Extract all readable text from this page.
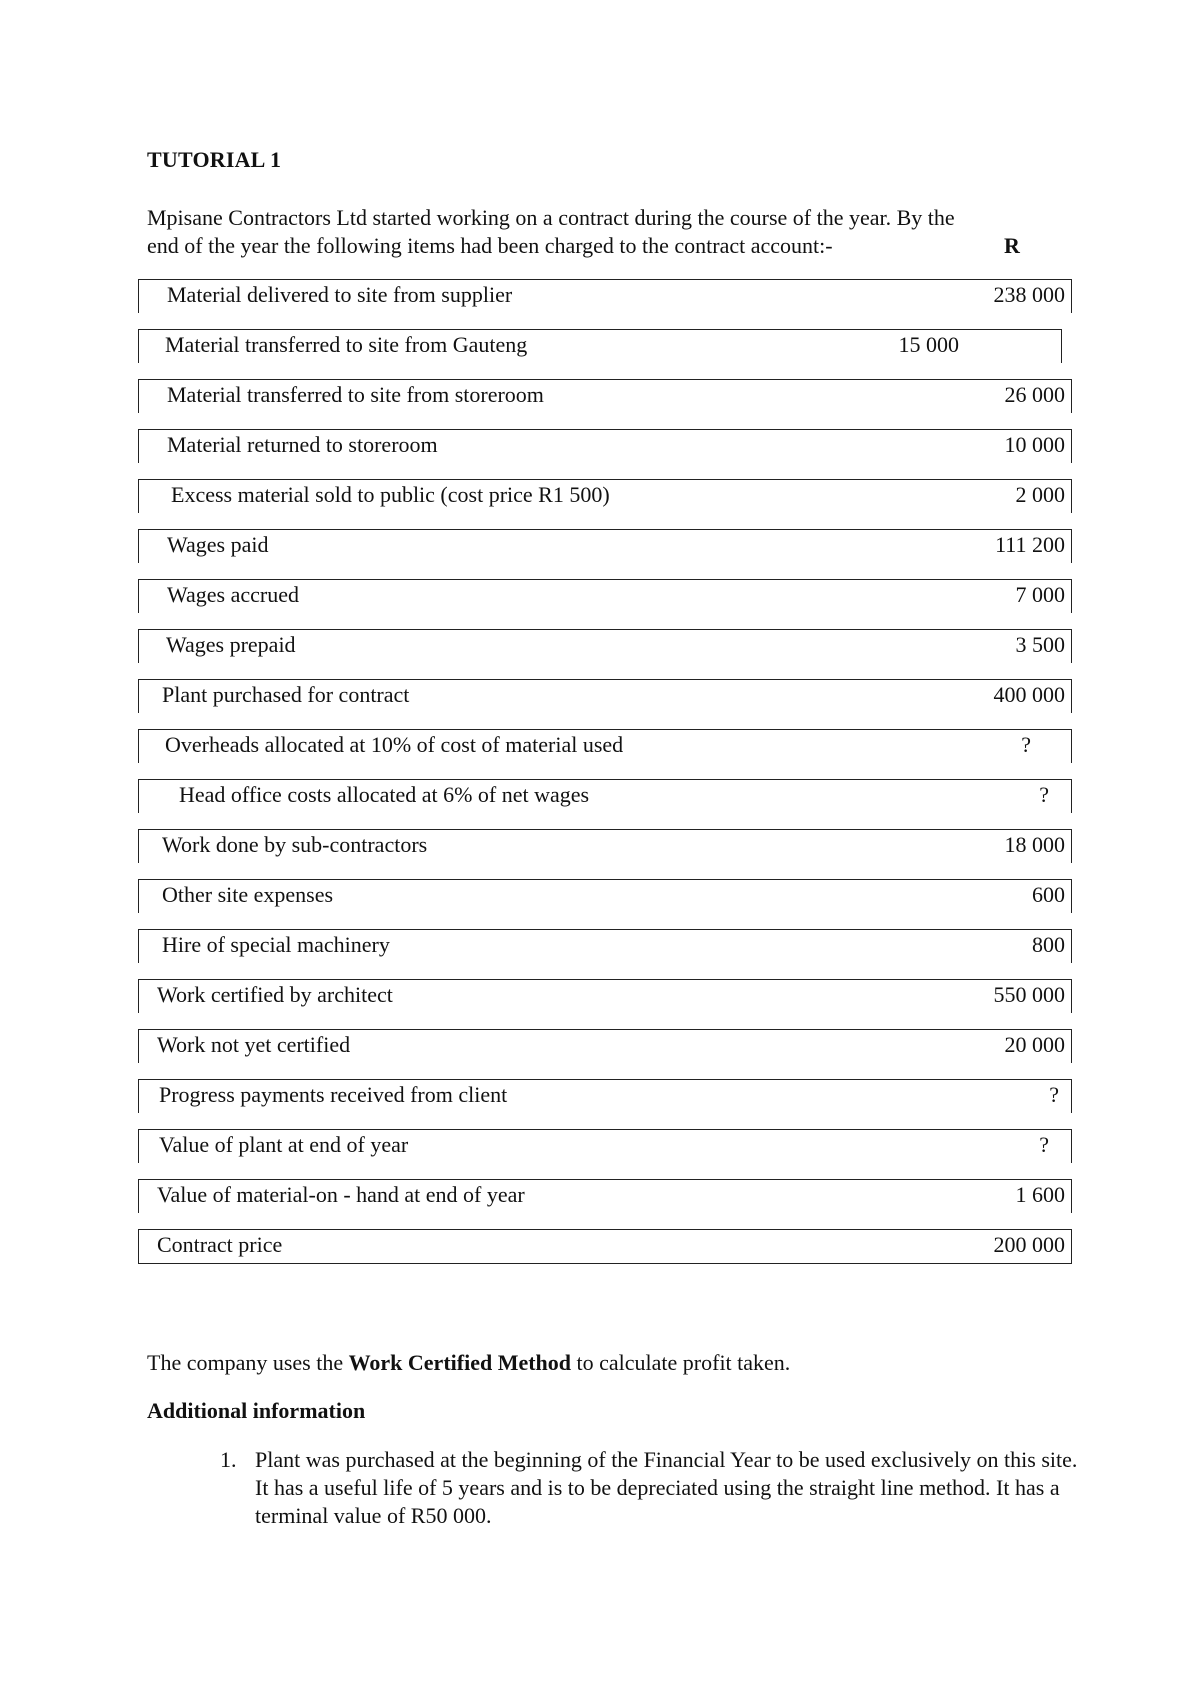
TUTORIAL 1
Mpisane Contractors Ltd started working on a contract during the course of the year. By the
end of the year the following items had been charged to the contract account:-	R
Material delivered to site from supplier	238 000
Material transferred to site from Gauteng	15 000
Material transferred to site from storeroom	26 000
Material returned to storeroom	10 000
Excess material sold to public (cost price R1 500)	2 000
Wages paid	111 200
Wages accrued	7 000
Wages prepaid	3 500
Plant purchased for contract	400 000
Overheads allocated at 10% of cost of material used	?
Head office costs allocated at 6% of net wages	?
Work done by sub-contractors	18 000
Other site expenses	600
Hire of special machinery	800
Work certified by architect	550 000
Work not yet certified	20 000
Progress payments received from client	?
Value of plant at end of year	?
Value of material-on - hand at end of year	1 600
Contract price	200 000
The company uses the Work Certified Method to calculate profit taken.
Additional information
1. Plant was purchased at the beginning of the Financial Year to be used exclusively on this site. It has a useful life of 5 years and is to be depreciated using the straight line method. It has a terminal value of R50 000.
